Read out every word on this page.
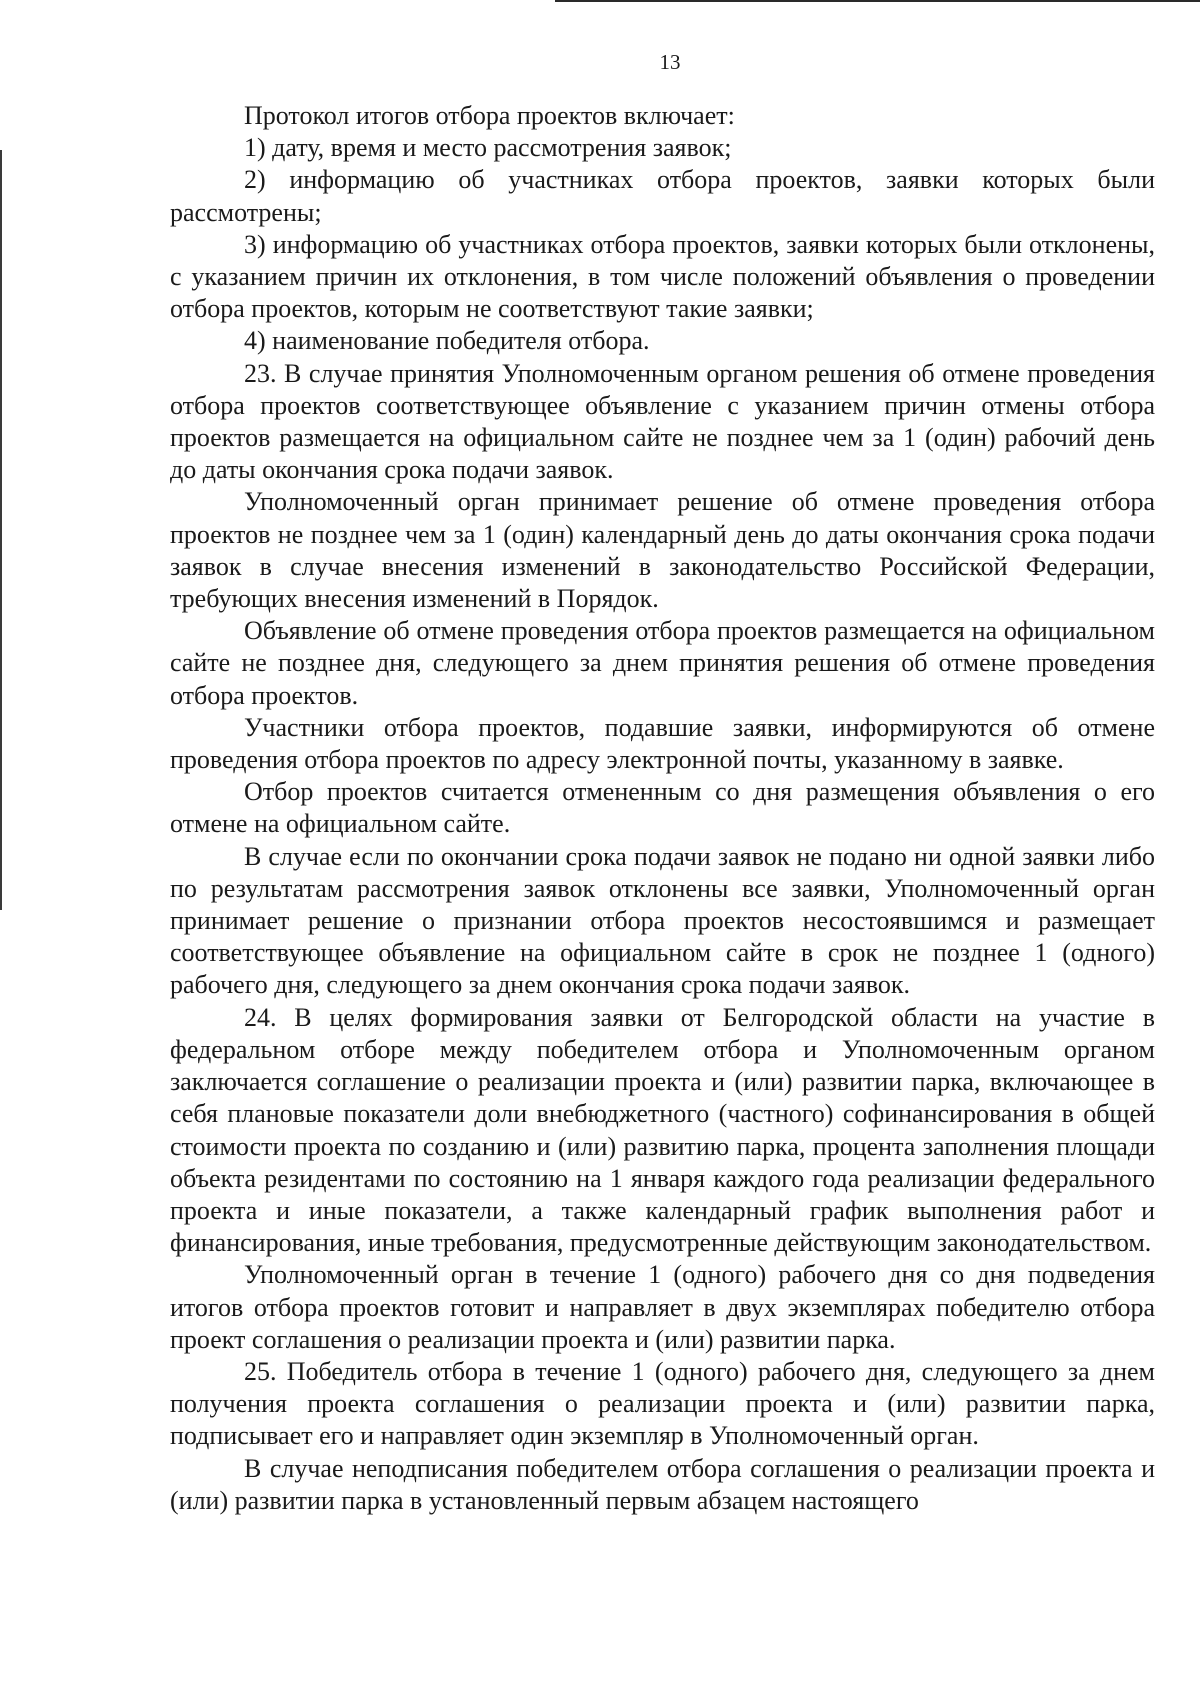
13

Протокол итогов отбора проектов включает:

1) дату, время и место рассмотрения заявок;

2) информацию об участниках отбора проектов, заявки которых были рассмотрены;

3) информацию об участниках отбора проектов, заявки которых были отклонены, с указанием причин их отклонения, в том числе положений объявления о проведении отбора проектов, которым не соответствуют такие заявки;

4) наименование победителя отбора.

23. В случае принятия Уполномоченным органом решения об отмене проведения отбора проектов соответствующее объявление с указанием причин отмены отбора проектов размещается на официальном сайте не позднее чем за 1 (один) рабочий день до даты окончания срока подачи заявок.

Уполномоченный орган принимает решение об отмене проведения отбора проектов не позднее чем за 1 (один) календарный день до даты окончания срока подачи заявок в случае внесения изменений в законодательство Российской Федерации, требующих внесения изменений в Порядок.

Объявление об отмене проведения отбора проектов размещается на официальном сайте не позднее дня, следующего за днем принятия решения об отмене проведения отбора проектов.

Участники отбора проектов, подавшие заявки, информируются об отмене проведения отбора проектов по адресу электронной почты, указанному в заявке.

Отбор проектов считается отмененным со дня размещения объявления о его отмене на официальном сайте.

В случае если по окончании срока подачи заявок не подано ни одной заявки либо по результатам рассмотрения заявок отклонены все заявки, Уполномоченный орган принимает решение о признании отбора проектов несостоявшимся и размещает соответствующее объявление на официальном сайте в срок не позднее 1 (одного) рабочего дня, следующего за днем окончания срока подачи заявок.

24. В целях формирования заявки от Белгородской области на участие в федеральном отборе между победителем отбора и Уполномоченным органом заключается соглашение о реализации проекта и (или) развитии парка, включающее в себя плановые показатели доли внебюджетного (частного) софинансирования в общей стоимости проекта по созданию и (или) развитию парка, процента заполнения площади объекта резидентами по состоянию на 1 января каждого года реализации федерального проекта и иные показатели, а также календарный график выполнения работ и финансирования, иные требования, предусмотренные действующим законодательством.

Уполномоченный орган в течение 1 (одного) рабочего дня со дня подведения итогов отбора проектов готовит и направляет в двух экземплярах победителю отбора проект соглашения о реализации проекта и (или) развитии парка.

25. Победитель отбора в течение 1 (одного) рабочего дня, следующего за днем получения проекта соглашения о реализации проекта и (или) развитии парка, подписывает его и направляет один экземпляр в Уполномоченный орган.

В случае неподписания победителем отбора соглашения о реализации проекта и (или) развитии парка в установленный первым абзацем настоящего
